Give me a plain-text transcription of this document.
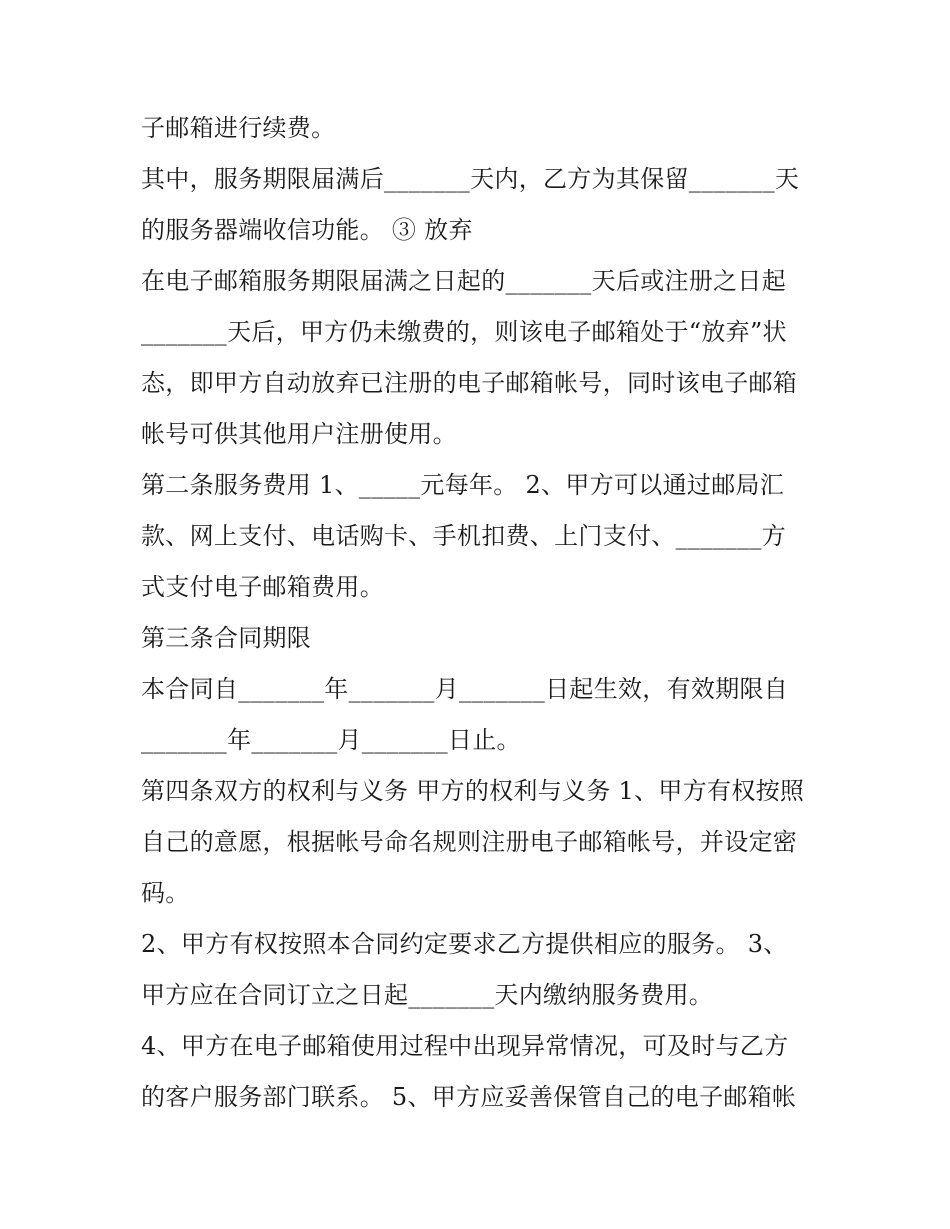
子邮箱进行续费。
其中，服务期限届满后_______天内，乙方为其保留_______天
的服务器端收信功能。 ③ 放弃
在电子邮箱服务期限届满之日起的_______天后或注册之日起
_______天后，甲方仍未缴费的，则该电子邮箱处于“放弃”状
态，即甲方自动放弃已注册的电子邮箱帐号，同时该电子邮箱
帐号可供其他用户注册使用。
第二条服务费用 1、_____元每年。 2、甲方可以通过邮局汇
款、网上支付、电话购卡、手机扣费、上门支付、_______方
式支付电子邮箱费用。
第三条合同期限
本合同自_______年_______月_______日起生效，有效期限自
_______年_______月_______日止。
第四条双方的权利与义务 甲方的权利与义务 1、甲方有权按照
自己的意愿，根据帐号命名规则注册电子邮箱帐号，并设定密
码。
2、甲方有权按照本合同约定要求乙方提供相应的服务。 3、
甲方应在合同订立之日起_______天内缴纳服务费用。
4、甲方在电子邮箱使用过程中出现异常情况，可及时与乙方
的客户服务部门联系。 5、甲方应妥善保管自己的电子邮箱帐
